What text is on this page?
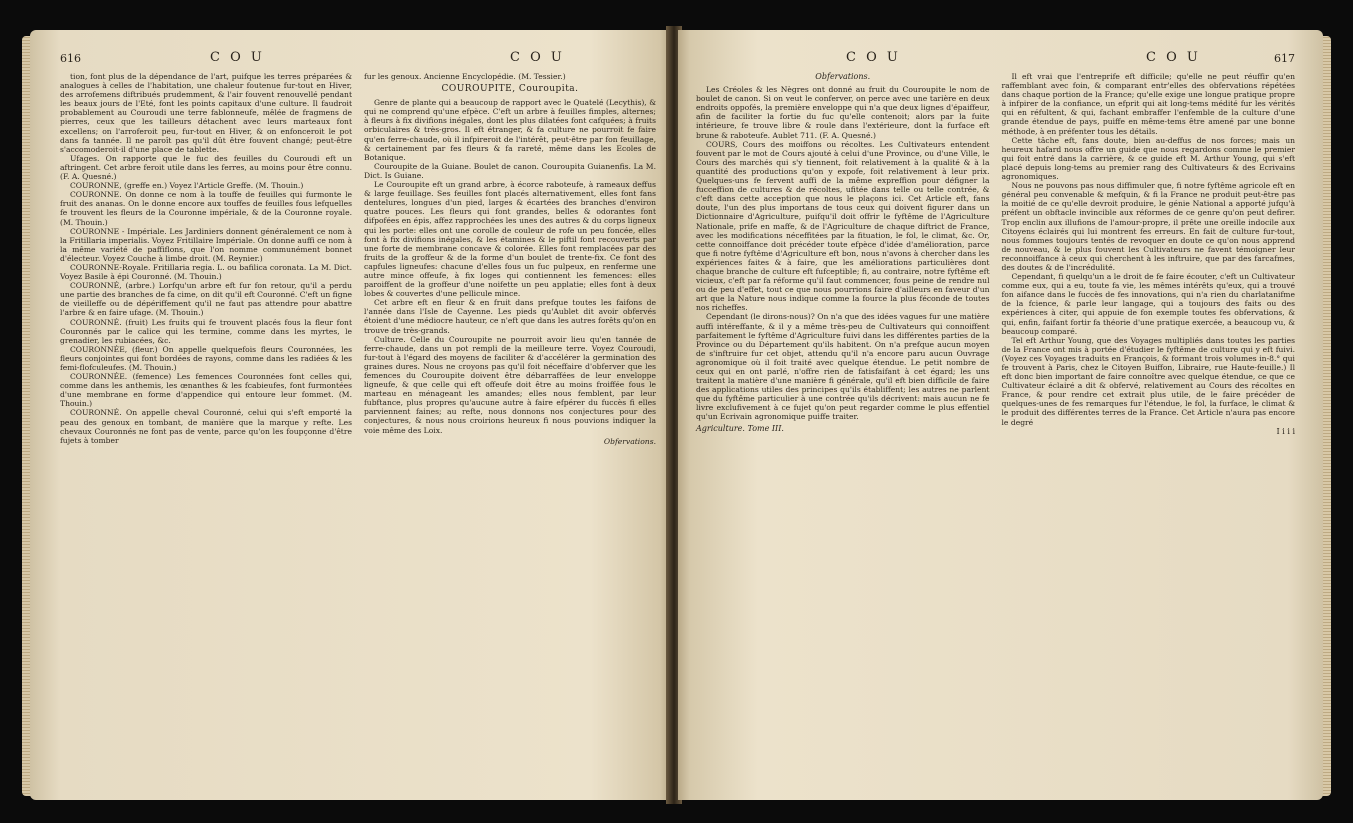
616	C O U	C O U

tion, font plus de la dépendance de l'art, puifque les terres préparées & analogues à celles de l'habitation, une chaleur foutenue fur-tout en Hiver, des arrofemens diftribués prudemment, & l'air fouvent renouvellé pendant les beaux jours de l'Eté, font les points capitaux d'une culture. Il faudroit probablement au Couroudi une terre fablonneufe, mêlée de fragmens de pierres, ceux que les tailleurs détachent avec leurs marteaux font excellens; on l'arroferoit peu, fur-tout en Hiver, & on enfonceroit le pot dans fa tannée. Il ne paroît pas qu'il dût être fouvent changé; peut-être s'accomoderoit-il d'une place de tablette.

Ufages. On rapporte que le fuc des feuilles du Couroudi eft un aftringent. Cet arbre feroit utile dans les ferres, au moins pour être connu. (F. A. Quesné.)

COURONNE, (greffe en.) Voyez l'Article Greffe. (M. Thouin.)

COURONNE. On donne ce nom à la touffe de feuilles qui furmonte le fruit des ananas. On le donne encore aux touffes de feuilles fous lefquelles fe trouvent les fleurs de la Couronne impériale, & de la Couronne royale. (M. Thouin.)

COURONNE - Impériale. Les Jardiniers donnent généralement ce nom à la Fritillaria imperialis. Voyez Fritillaire Impériale. On donne auffi ce nom à la même variété de paffiflons, que l'on nomme communément bonnet d'électeur. Voyez Couche à limbe droit. (M. Reynier.)

COURONNE-Royale. Fritillaria regia. L. ou bafilica coronata. La M. Dict. Voyez Basile à épi Couronné. (M. Thouin.)

COURONNÉ, (arbre.) Lorfqu'un arbre eft fur fon retour, qu'il a perdu une partie des branches de fa cime, on dit qu'il eft Couronné. C'eft un figne de vieilleffe ou de dépériffement qu'il ne faut pas attendre pour abattre l'arbre & en faire ufage. (M. Thouin.)

COURONNÉ. (fruit) Les fruits qui fe trouvent placés fous la fleur font Couronnés par le calice qui les termine, comme dans les myrtes, le grenadier, les rubiacées, &c.

COURONNÉE, (fleur.) On appelle quelquefois fleurs Couronnées, les fleurs conjointes qui font bordées de rayons, comme dans les radiées & les femi-flofculeufes. (M. Thouin.)

COURONNÉE. (femence) Les femences Couronnées font celles qui, comme dans les anthemis, les œnanthes & les fcabieufes, font furmontées d'une membrane en forme d'appendice qui entoure leur fommet. (M. Thouin.)

COURONNÉ. On appelle cheval Couronné, celui qui s'eft emporté la peau des genoux en tombant, de manière que la marque y refte. Les chevaux Couronnés ne font pas de vente, parce qu'on les foupçonne d'être fujets à tomber

fur les genoux. Ancienne Encyclopédie. (M. Tessier.)

COUROUPITE, Couroupita.

Genre de plante qui a beaucoup de rapport avec le Quatelé (Lecythis), & qui ne comprend qu'une efpèce. C'eft un arbre à feuilles fimples, alternes; à fleurs à fix divifions inégales, dont les plus dilatées font cafquées; à fruits orbiculaires & très-gros. Il eft étranger, & fa culture ne pourroit fe faire qu'en ferre-chaude, où il infpireroit de l'intérêt, peut-être par fon feuillage, & certainement par fes fleurs & fa rareté, même dans les Ecoles de Botanique.

Couroupite de la Guiane. Boulet de canon. Couroupita Guianenfis. La M. Dict. Is Guiane.

Le Couroupite eft un grand arbre, à écorce raboteufe, à rameaux deffus & large feuillage. Ses feuilles font placés alternativement, elles font fans dentelures, longues d'un pied, larges & écartées des branches d'environ quatre pouces. Les fleurs qui font grandes, belles & odorantes font difpofées en épis, affez rapprochées les unes des autres & du corps ligneux qui les porte: elles ont une corolle de couleur de rofe un peu foncée, elles font à fix divifions inégales, & les étamines & le piftil font recouverts par une forte de membrane concave & colorée. Elles font remplacées par des fruits de la groffeur & de la forme d'un boulet de trente-fix. Ce font des capfules ligneufes: chacune d'elles fous un fuc pulpeux, en renferme une autre mince offeufe, à fix loges qui contiennent les femences: elles paroiffent de la groffeur d'une noifette un peu applatie; elles font à deux lobes & couvertes d'une pellicule mince.

Cet arbre eft en fleur & en fruit dans prefque toutes les faifons de l'année dans l'Isle de Cayenne. Les pieds qu'Aublet dit avoir obfervés étoient d'une médiocre hauteur, ce n'eft que dans les autres forêts qu'on en trouve de très-grands.

Culture. Celle du Couroupite ne pourroit avoir lieu qu'en tannée de ferre-chaude, dans un pot rempli de la meilleure terre. Voyez Couroudi, fur-tout à l'égard des moyens de faciliter & d'accélérer la germination des graines dures. Nous ne croyons pas qu'il foit néceffaire d'obferver que les femences du Couroupite doivent être débarraffées de leur enveloppe ligneufe, & que celle qui eft offeufe doit être au moins froiffée fous le marteau en ménageant les amandes; elles nous femblent, par leur fubftance, plus propres qu'aucune autre à faire efpérer du fuccès fi elles parviennent faines; au refte, nous donnons nos conjectures pour des conjectures, & nous nous croirions heureux fi nous pouvions indiquer la voie même des Loix.

Obfervations.
C O U	C O U	617
Obfervations.

Les Créoles & les Nègres ont donné au fruit du Couroupite le nom de boulet de canon. Si on veut le conferver, on perce avec une tarière en deux endroits oppofés, la première enveloppe qui n'a que deux lignes d'épaiffeur, afin de faciliter la fortie du fuc qu'elle contenoit; alors par la fuite intérieure, fe trouve libre & roule dans l'extérieure, dont la furface eft brune & raboteufe. Aublet 711. (F. A. Quesné.)

COURS, Cours des moiffons ou récoltes. Les Cultivateurs entendent fouvent par le mot de Cours ajouté à celui d'une Province, ou d'une Ville, le Cours des marchés qui s'y tiennent, foit relativement à la qualité & à la quantité des productions qu'on y expofe, foit relativement à leur prix. Quelques-uns fe fervent auffi de la même expreffion pour défigner la fucceffion de cultures & de récoltes, ufitée dans telle ou telle contrée, & c'eft dans cette acception que nous le plaçons ici. Cet Article eft, fans doute, l'un des plus importans de tous ceux qui doivent figurer dans un Dictionnaire d'Agriculture, puifqu'il doit offrir le fyftême de l'Agriculture Nationale, prife en maffe, & de l'Agriculture de chaque diftrict de France, avec les modifications néceffitées par la fituation, le fol, le climat, &c. Or, cette connoiffance doit précéder toute efpèce d'idée d'amélioration, parce que fi notre fyftême d'Agriculture eft bon, nous n'avons à chercher dans les expériences faites & à faire, que les améliorations particulières dont chaque branche de culture eft fufceptible; fi, au contraire, notre fyftême eft vicieux, c'eft par fa réforme qu'il faut commencer, fous peine de rendre nul ou de peu d'effet, tout ce que nous pourrions faire d'ailleurs en faveur d'un art que la Nature nous indique comme la fource la plus féconde de toutes nos richeffes.

Cependant (le dirons-nous)? On n'a que des idées vagues fur une matière auffi intéreffante, & il y a même très-peu de Cultivateurs qui connoiffent parfaitement le fyftême d'Agriculture fuivi dans les différentes parties de la Province ou du Département qu'ils habitent. On n'a prefque aucun moyen de s'inftruire fur cet objet, attendu qu'il n'a encore paru aucun Ouvrage agronomique où il foit traité avec quelque étendue. Le petit nombre de ceux qui en ont parlé, n'offre rien de fatisfaifant à cet égard; les uns traitent la matière d'une manière fi générale, qu'il eft bien difficile de faire des applications utiles des principes qu'ils établiffent; les autres ne parlent que du fyftême particulier à une contrée qu'ils décrivent: mais aucun ne fe livre exclufivement à ce fujet qu'on peut regarder comme le plus effentiel qu'un Ecrivain agronomique puiffe traiter.

Agriculture. Tome III.

Il eft vrai que l'entreprife eft difficile; qu'elle ne peut réuffir qu'en raffemblant avec foin, & comparant entr'elles des obfervations répétées dans chaque portion de la France; qu'elle exige une longue pratique propre à infpirer de la confiance, un efprit qui ait long-tems médité fur les vérités qui en réfultent, & qui, fachant embraffer l'enfemble de la culture d'une grande étendue de pays, puiffe en même-tems être amené par une bonne méthode, à en préfenter tous les détails.

Cette tâche eft, fans doute, bien au-deffus de nos forces; mais un heureux hafard nous offre un guide que nous regardons comme le premier qui foit entré dans la carrière, & ce guide eft M. Arthur Young, qui s'eft placé depuis long-tems au premier rang des Cultivateurs & des Ecrivains agronomiques.

Nous ne pouvons pas nous diffimuler que, fi notre fyftême agricole eft en général peu convenable & mefquin, & fi la France ne produit peut-être pas la moitié de ce qu'elle devroit produire, le génie National a apporté jufqu'à préfent un obftacle invincible aux réformes de ce genre qu'on peut defirer. Trop enclin aux illufions de l'amour-propre, il prête une oreille indocile aux Citoyens éclairés qui lui montrent fes erreurs. En fait de culture fur-tout, nous fommes toujours tentés de revoquer en doute ce qu'on nous apprend de nouveau, & le plus fouvent les Cultivateurs ne favent témoigner leur reconnoiffance à ceux qui cherchent à les inftruire, que par des farcafmes, des doutes & de l'incrédulité.

Cependant, fi quelqu'un a le droit de fe faire écouter, c'eft un Cultivateur comme eux, qui a eu, toute fa vie, les mêmes intérêts qu'eux, qui a trouvé fon aifance dans le fuccès de fes innovations, qui n'a rien du charlatanifme de la fcience, & parle leur langage, qui a toujours des faits ou des expériences à citer, qui appuie de fon exemple toutes fes obfervations, & qui, enfin, faifant fortir fa théorie d'une pratique exercée, a beaucoup vu, & beaucoup comparé.

Tel eft Arthur Young, que des Voyages multipliés dans toutes les parties de la France ont mis à portée d'étudier le fyftême de culture qui y eft fuivi. (Voyez ces Voyages traduits en François, & formant trois volumes in-8.° qui fe trouvent à Paris, chez le Citoyen Buiffon, Libraire, rue Haute-feuille.) Il eft donc bien important de faire connoître avec quelque étendue, ce que ce Cultivateur éclairé a dit & obfervé, relativement au Cours des récoltes en France, & pour rendre cet extrait plus utile, de le faire précéder de quelques-unes de fes remarques fur l'étendue, le fol, la furface, le climat & le produit des différentes terres de la France. Cet Article n'aura pas encore le degré

I i i i
